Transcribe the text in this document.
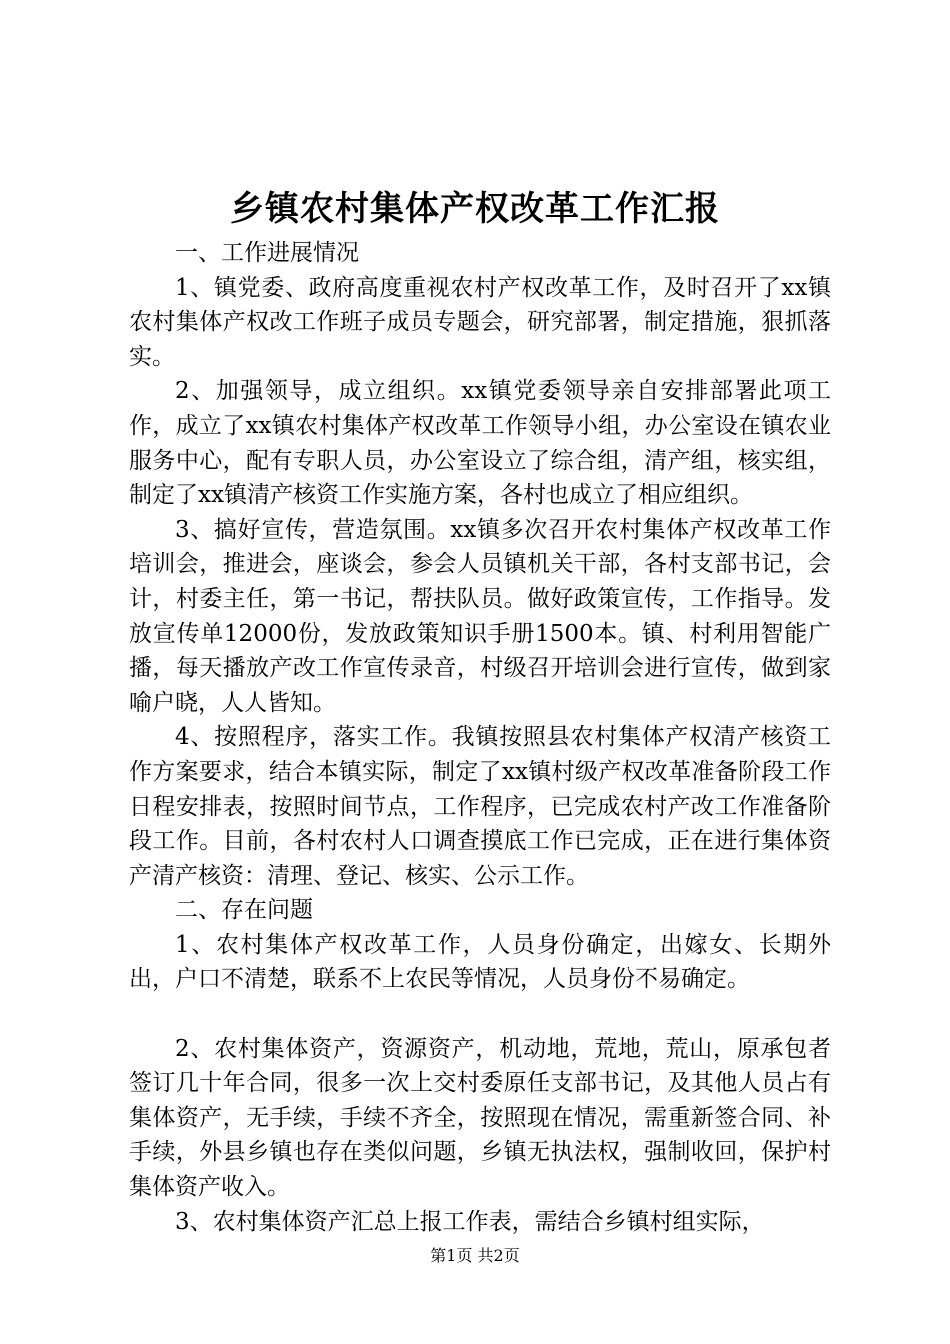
乡镇农村集体产权改革工作汇报

一、工作进展情况

1、镇党委、政府高度重视农村产权改革工作，及时召开了xx镇农村集体产权改工作班子成员专题会，研究部署，制定措施，狠抓落实。

2、加强领导，成立组织。xx镇党委领导亲自安排部署此项工作，成立了xx镇农村集体产权改革工作领导小组，办公室设在镇农业服务中心，配有专职人员，办公室设立了综合组，清产组，核实组，制定了xx镇清产核资工作实施方案，各村也成立了相应组织。

3、搞好宣传，营造氛围。xx镇多次召开农村集体产权改革工作培训会，推进会，座谈会，参会人员镇机关干部，各村支部书记，会计，村委主任，第一书记，帮扶队员。做好政策宣传，工作指导。发放宣传单12000份，发放政策知识手册1500本。镇、村利用智能广播，每天播放产改工作宣传录音，村级召开培训会进行宣传，做到家喻户晓，人人皆知。

4、按照程序，落实工作。我镇按照县农村集体产权清产核资工作方案要求，结合本镇实际，制定了xx镇村级产权改革准备阶段工作日程安排表，按照时间节点，工作程序，已完成农村产改工作准备阶段工作。目前，各村农村人口调查摸底工作已完成，正在进行集体资产清产核资：清理、登记、核实、公示工作。

二、存在问题

1、农村集体产权改革工作，人员身份确定，出嫁女、长期外出，户口不清楚，联系不上农民等情况，人员身份不易确定。

2、农村集体资产，资源资产，机动地，荒地，荒山，原承包者签订几十年合同，很多一次上交村委原任支部书记，及其他人员占有集体资产，无手续，手续不齐全，按照现在情况，需重新签合同、补手续，外县乡镇也存在类似问题，乡镇无执法权，强制收回，保护村集体资产收入。

3、农村集体资产汇总上报工作表，需结合乡镇村组实际，

第1页 共2页
